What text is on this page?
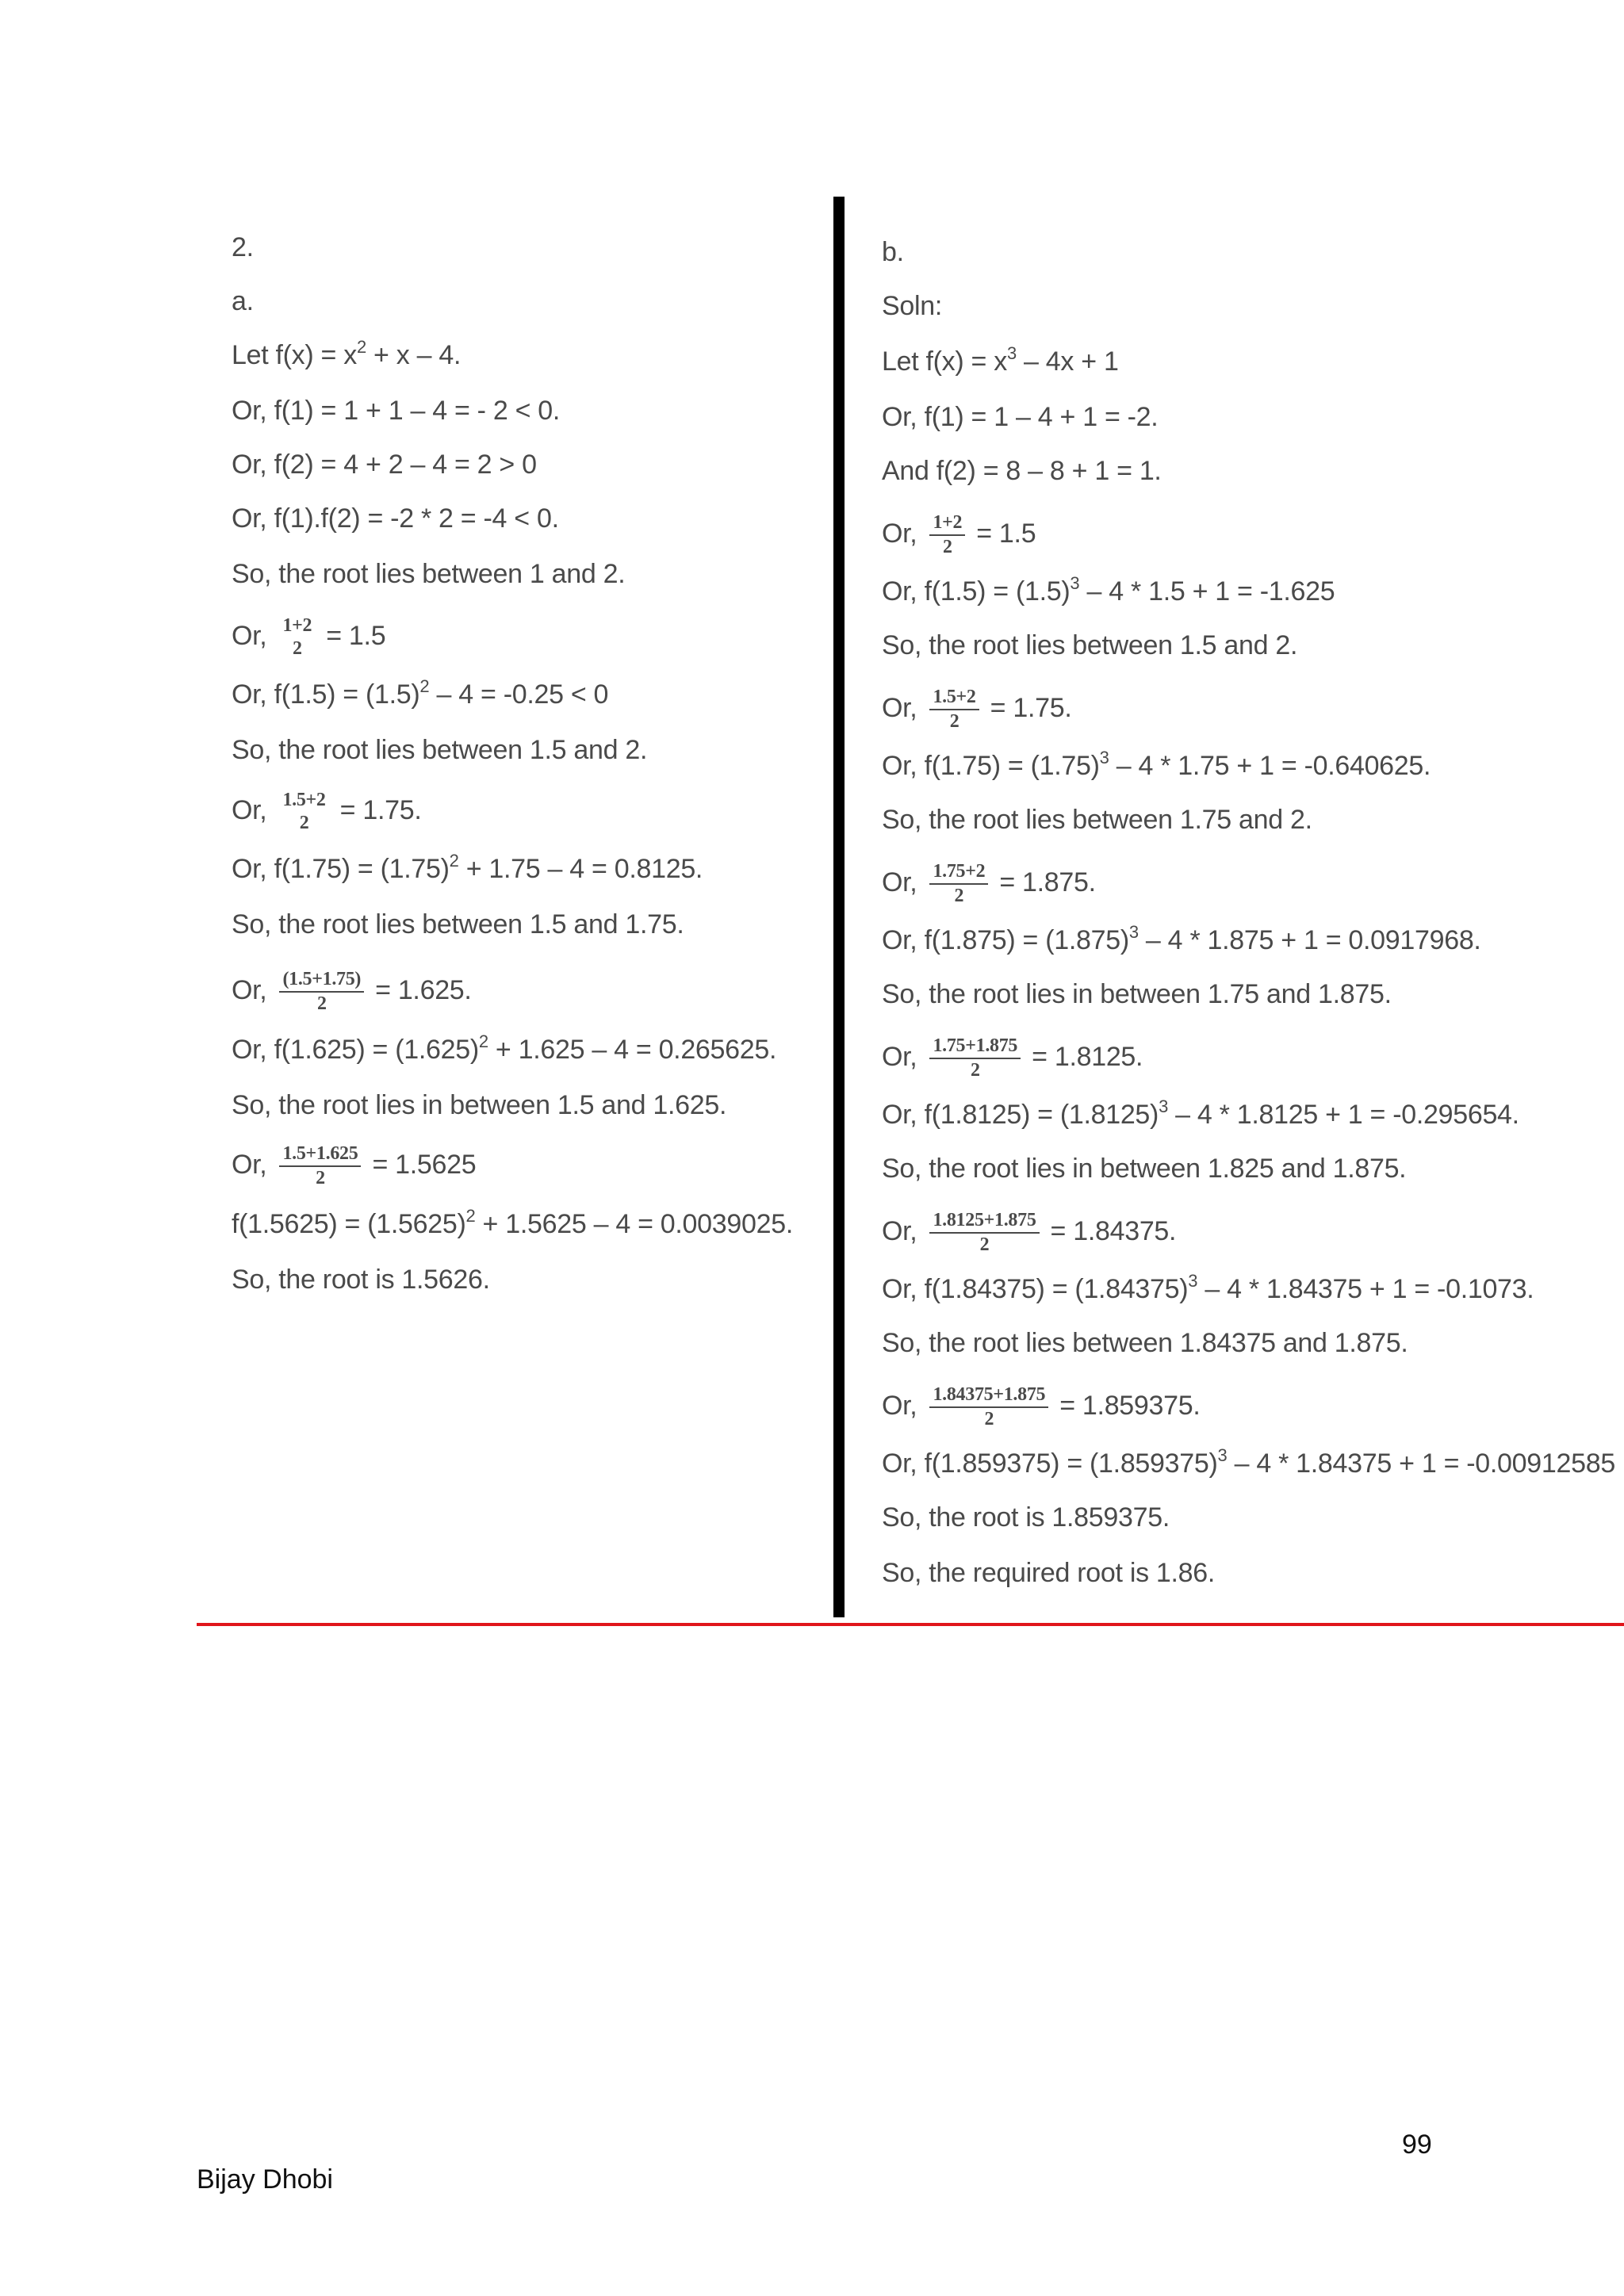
2.
a.
Let $f(x) = x^2 + x - 4$.
Or, f(1) = 1 + 1 – 4 = - 2 < 0.
Or, f(2) = 4 + 2 – 4 = 2 > 0
Or, f(1).f(2) = -2 * 2 = -4 < 0.
So, the root lies between 1 and 2.
Or, 1+2
2 = 1.5
Or, $f(1.5) = (1.5)^2 - 4 = -0.25 < 0$
So, the root lies between 1.5 and 2.
Or, 1.5+2
2 = 1.75.
Or, $f(1.75) = (1.75)^2 + 1.75 - 4 = 0.8125$.
So, the root lies between 1.5 and 1.75.
Or, $\frac{(1.5+1.75)}{2} = 1.625$.
Or, $f(1.625) = (1.625)^2 + 1.625 - 4 = 0.265625$.
So, the root lies in between 1.5 and 1.625.
Or, $\frac{1.5+1.625}{2} = 1.5625$
$f(1.5625) = (1.5625)^2 + 1.5625 - 4 = 0.0039025$.
So, the root is 1.5626.
b.
Soln:
Let $f(x) = x^3 - 4x + 1$
Or, f(1) = 1 – 4 + 1 = -2.
And f(2) = 8 – 8 + 1 = 1.
Or, $\frac{1+2}{2} = 1.5$
Or, $f(1.5) = (1.5)^3 - 4 * 1.5 + 1 = -1.625$
So, the root lies between 1.5 and 2.
Or, $\frac{1.5+2}{2} = 1.75$.
Or, $f(1.75) = (1.75)^3 - 4 * 1.75 + 1 = -0.640625$.
So, the root lies between 1.75 and 2.
Or, $\frac{1.75+2}{2} = 1.875$.
Or, $f(1.875) = (1.875)^3 - 4 * 1.875 + 1 = 0.0917968$.
So, the root lies in between 1.75 and 1.875.
Or, $\frac{1.75+1.875}{2} = 1.8125$.
Or, $f(1.8125) = (1.8125)^3 - 4 * 1.8125 + 1 = -0.295654$.
So, the root lies in between 1.825 and 1.875.
Or, $\frac{1.8125+1.875}{2} = 1.84375$.
Or, $f(1.84375) = (1.84375)^3 - 4 * 1.84375 + 1 = -0.1073$.
So, the root lies between 1.84375 and 1.875.
Or, $\frac{1.84375+1.875}{2} = 1.859375$.
Or, $f(1.859375) = (1.859375)^3 - 4 * 1.84375 + 1 = -0.00912585$
So, the root is 1.859375.
So, the required root is 1.86.
99
Bijay Dhobi
